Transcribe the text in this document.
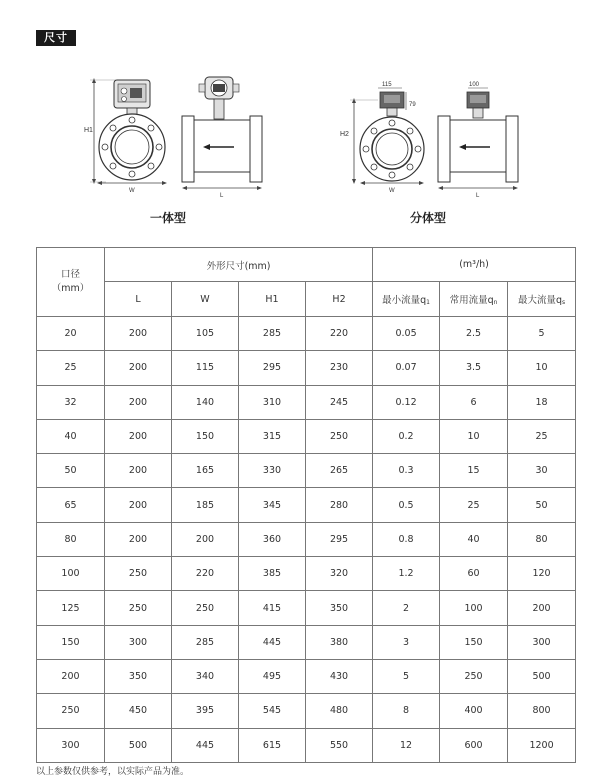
尺寸
H1
W
L
一体型
115
79
H2
W
100
L
分体型
口径
（mm）	外形尺寸(mm)				(m³/h)		
	L	W	H1	H2	最小流量q1	常用流量qn	最大流量qs
20	200	105	285	220	0.05	2.5	5
25	200	115	295	230	0.07	3.5	10
32	200	140	310	245	0.12	6	18
40	200	150	315	250	0.2	10	25
50	200	165	330	265	0.3	15	30
65	200	185	345	280	0.5	25	50
80	200	200	360	295	0.8	40	80
100	250	220	385	320	1.2	60	120
125	250	250	415	350	2	100	200
150	300	285	445	380	3	150	300
200	350	340	495	430	5	250	500
250	450	395	545	480	8	400	800
300	500	445	615	550	12	600	1200
以上参数仅供参考，以实际产品为准。
